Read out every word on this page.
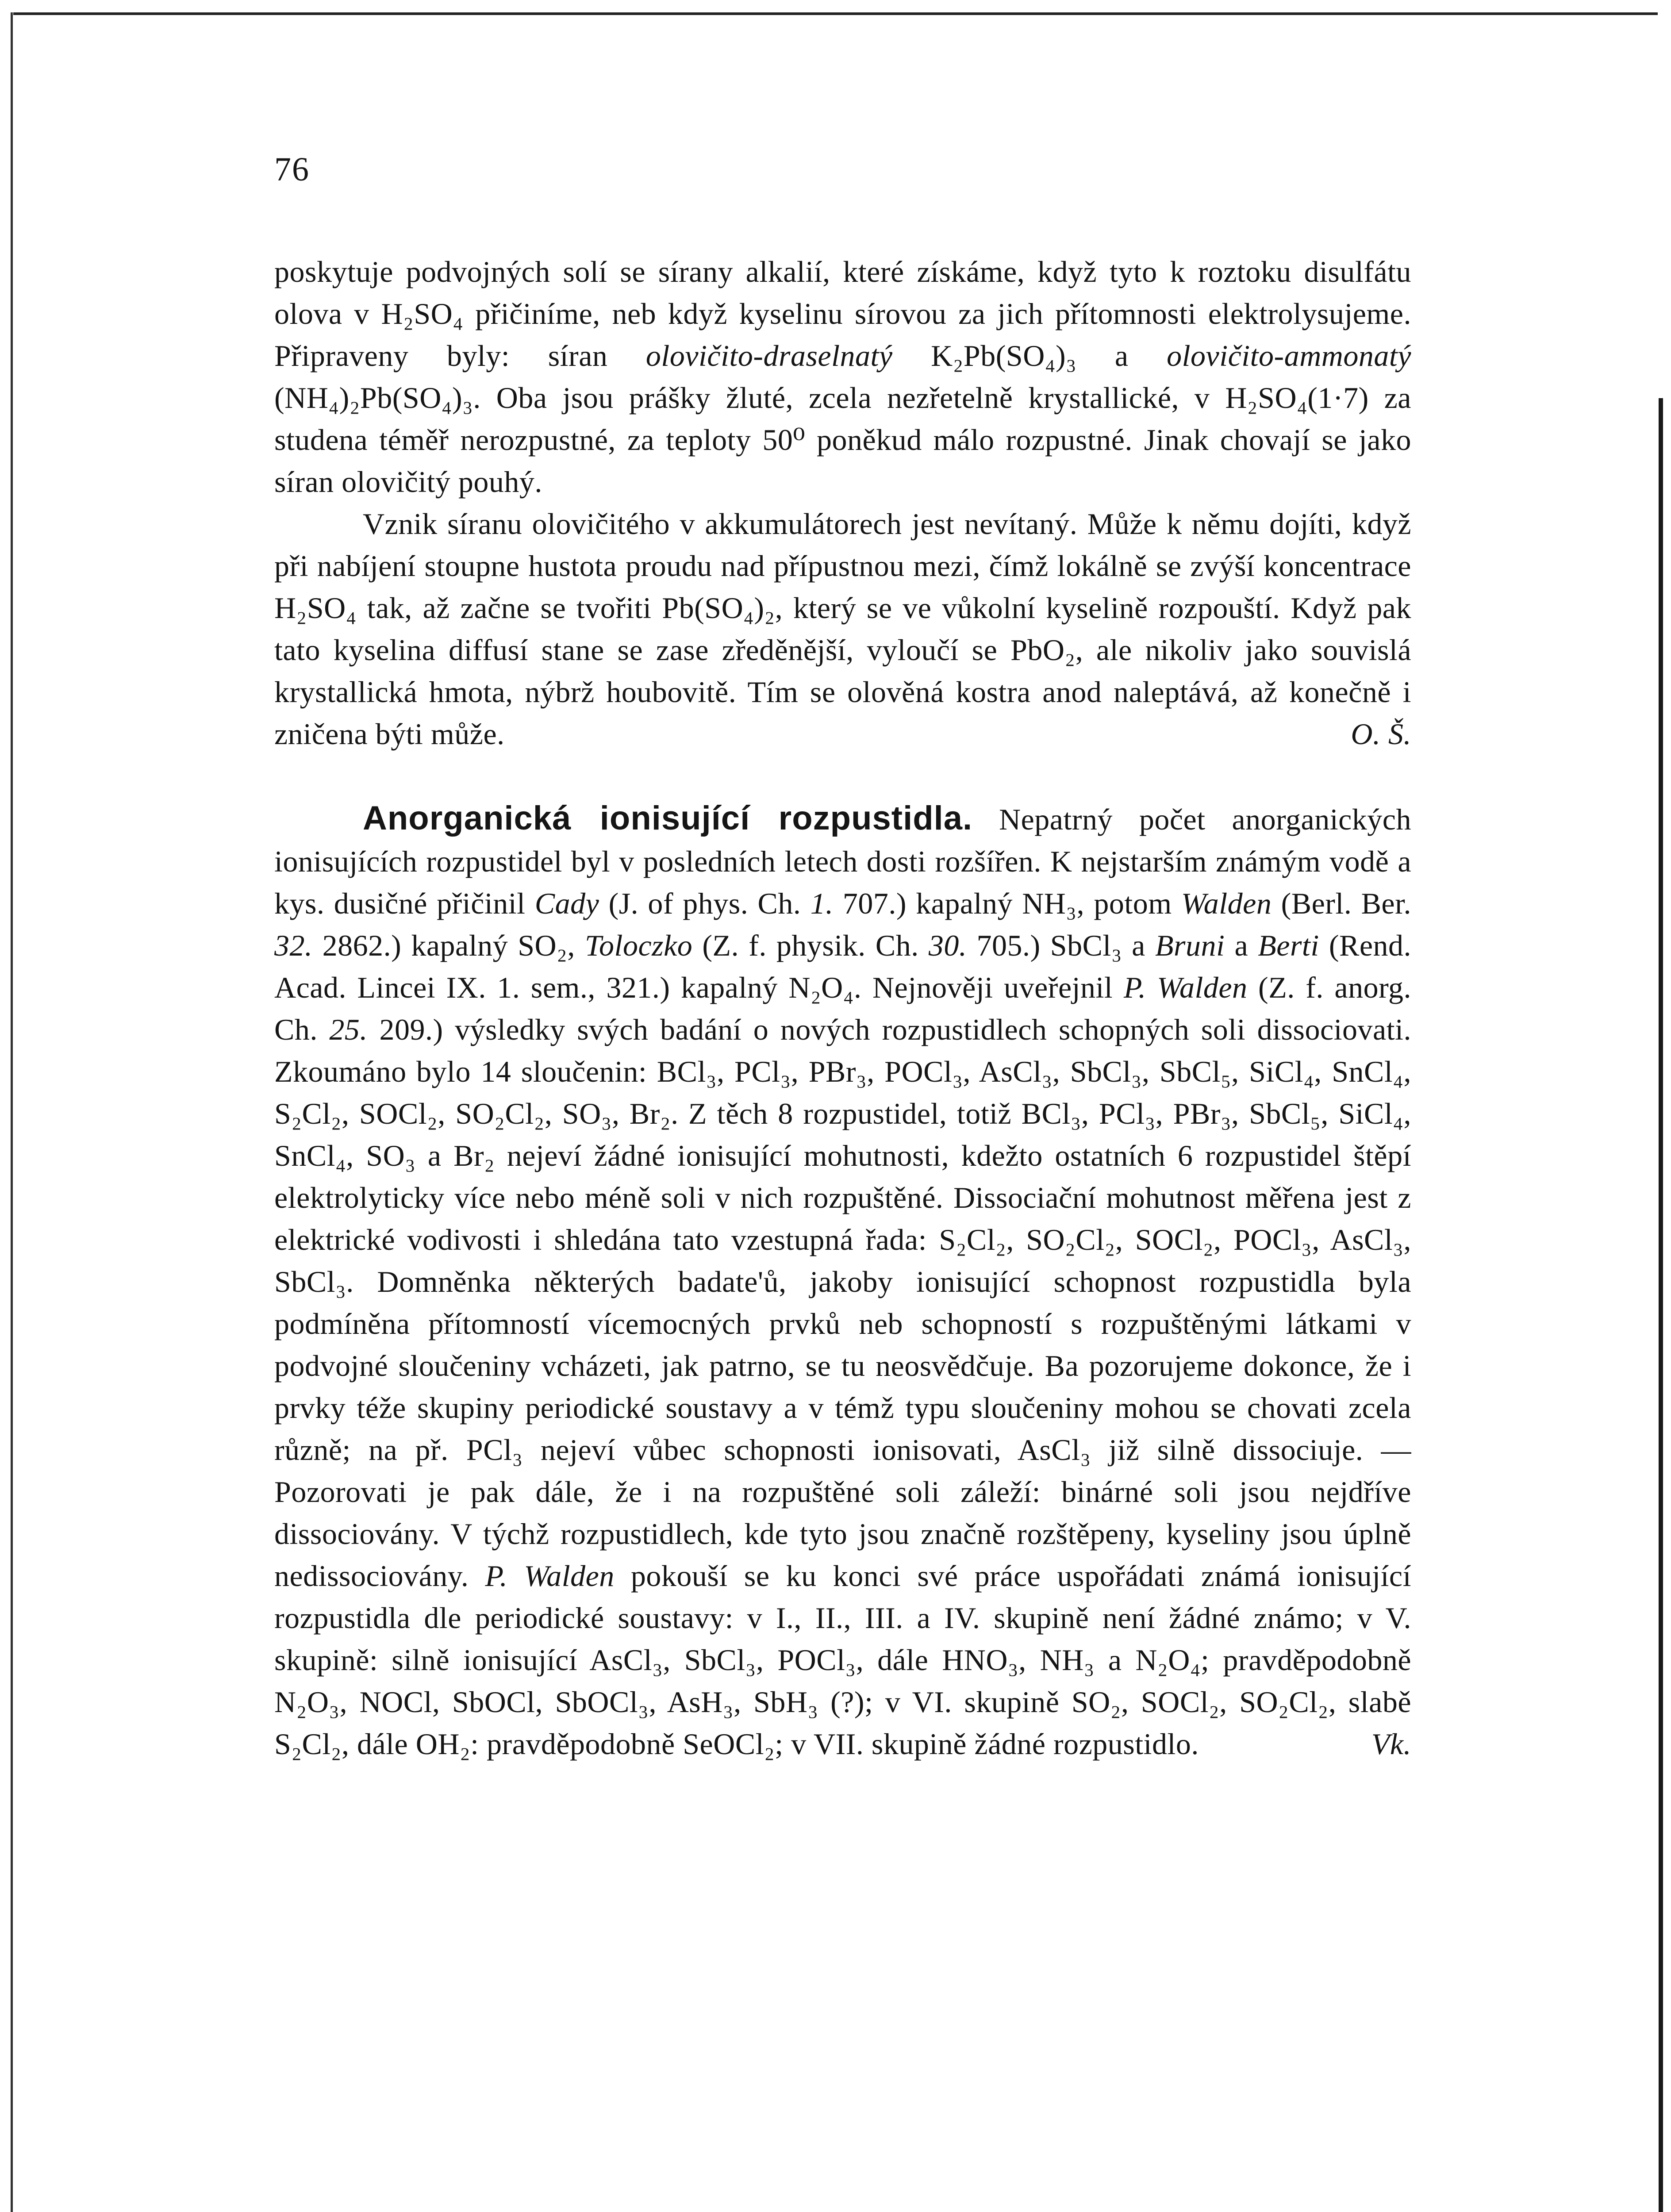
76

poskytuje podvojných solí se sírany alkalií, které získáme, když tyto k roztoku disulfátu olova v H₂SO₄ přičiníme, neb když kyselinu sírovou za jich přítomnosti elektrolysujeme. Připraveny byly: síran olovičito-draselnatý K₂Pb(SO₄)₃ a olovičito-ammonatý (NH₄)₂Pb(SO₄)₃. Oba jsou prášky žluté, zcela nezřetelně krystallické, v H₂SO₄(1·7) za studena téměř nerozpustné, za teploty 50⁰ poněkud málo rozpustné. Jinak chovají se jako síran olovičitý pouhý.

Vznik síranu olovičitého v akkumulátorech jest nevítaný. Může k němu dojíti, když při nabíjení stoupne hustota proudu nad přípustnou mezi, čímž lokálně se zvýší koncentrace H₂SO₄ tak, až začne se tvořiti Pb(SO₄)₂, který se ve vůkolní kyselině rozpouští. Když pak tato kyselina diffusí stane se zase zředěnější, vyloučí se PbO₂, ale nikoliv jako souvislá krystallická hmota, nýbrž houbovitě. Tím se olověná kostra anod naleptává, až konečně i zničena býti může.	O. Š.

Anorganická ionisující rozpustidla. Nepatrný počet anorganických ionisujících rozpustidel byl v posledních letech dosti rozšířen. K nejstarším známým vodě a kys. dusičné přičinil Cady (J. of phys. Ch. 1. 707.) kapalný NH₃, potom Walden (Berl. Ber. 32. 2862.) kapalný SO₂, Toloczko (Z. f. physik. Ch. 30. 705.) SbCl₃ a Bruni a Berti (Rend. Acad. Lincei IX. 1. sem., 321.) kapalný N₂O₄. Nejnověji uveřejnil P. Walden (Z. f. anorg. Ch. 25. 209.) výsledky svých badání o nových rozpustidlech schopných soli dissociovati. Zkoumáno bylo 14 sloučenin: BCl₃, PCl₃, PBr₃, POCl₃, AsCl₃, SbCl₃, SbCl₅, SiCl₄, SnCl₄, S₂Cl₂, SOCl₂, SO₂Cl₂, SO₃, Br₂. Z těch 8 rozpustidel, totiž BCl₃, PCl₃, PBr₃, SbCl₅, SiCl₄, SnCl₄, SO₃ a Br₂ nejeví žádné ionisující mohutnosti, kdežto ostatních 6 rozpustidel štěpí elektrolyticky více nebo méně soli v nich rozpuštěné. Dissociační mohutnost měřena jest z elektrické vodivosti i shledána tato vzestupná řada: S₂Cl₂, SO₂Cl₂, SOCl₂, POCl₃, AsCl₃, SbCl₃. Domněnka některých badate'ů, jakoby ionisující schopnost rozpustidla byla podmíněna přítomností vícemocných prvků neb schopností s rozpuštěnými látkami v podvojné sloučeniny vcházeti, jak patrno, se tu neosvědčuje. Ba pozorujeme dokonce, že i prvky téže skupiny periodické soustavy a v témž typu sloučeniny mohou se chovati zcela různě; na př. PCl₃ nejeví vůbec schopnosti ionisovati, AsCl₃ již silně dissociuje. — Pozorovati je pak dále, že i na rozpuštěné soli záleží: binárné soli jsou nejdříve dissociovány. V týchž rozpustidlech, kde tyto jsou značně rozštěpeny, kyseliny jsou úplně nedissociovány. P. Walden pokouší se ku konci své práce uspořádati známá ionisující rozpustidla dle periodické soustavy: v I., II., III. a IV. skupině není žádné známo; v V. skupině: silně ionisující AsCl₃, SbCl₃, POCl₃, dále HNO₃, NH₃ a N₂O₄; pravděpodobně N₂O₃, NOCl, SbOCl, SbOCl₃, AsH₃, SbH₃ (?); v VI. skupině SO₂, SOCl₂, SO₂Cl₂, slabě S₂Cl₂, dále OH₂: pravděpodobně SeOCl₂; v VII. skupině žádné rozpustidlo.	Vk.
